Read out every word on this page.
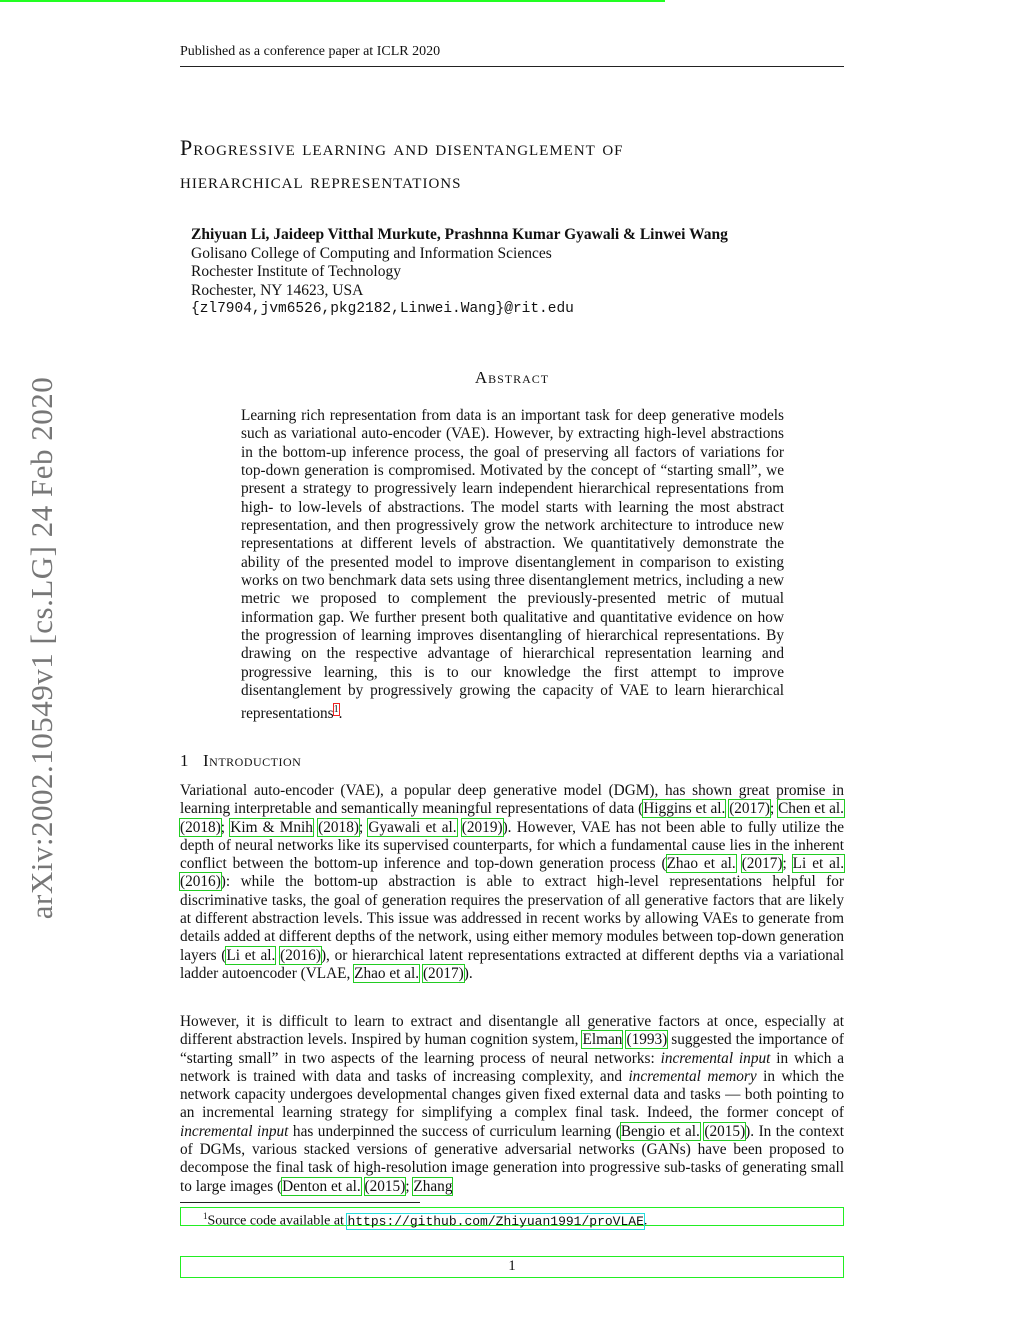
Published as a conference paper at ICLR 2020
arXiv:2002.10549v1 [cs.LG] 24 Feb 2020
Progressive learning and disentanglement of
hierarchical representations
Zhiyuan Li, Jaideep Vitthal Murkute, Prashnna Kumar Gyawali & Linwei Wang
Golisano College of Computing and Information Sciences
Rochester Institute of Technology
Rochester, NY 14623, USA
{zl7904,jvm6526,pkg2182,Linwei.Wang}@rit.edu
Abstract

Learning rich representation from data is an important task for deep generative models such as variational auto-encoder (VAE). However, by extracting high-level abstractions in the bottom-up inference process, the goal of preserving all factors of variations for top-down generation is compromised. Motivated by the concept of “starting small”, we present a strategy to progressively learn independent hierarchical representations from high- to low-levels of abstractions. The model starts with learning the most abstract representation, and then progressively grow the network architecture to introduce new representations at different levels of abstraction. We quantitatively demonstrate the ability of the presented model to improve disentanglement in comparison to existing works on two benchmark data sets using three disentanglement metrics, including a new metric we proposed to complement the previously-presented metric of mutual information gap. We further present both qualitative and quantitative evidence on how the progression of learning improves disentangling of hierarchical representations. By drawing on the respective advantage of hierarchical representation learning and progressive learning, this is to our knowledge the first attempt to improve disentanglement by progressively growing the capacity of VAE to learn hierarchical representations$^1$.

1 Introduction

Variational auto-encoder (VAE), a popular deep generative model (DGM), has shown great promise in learning interpretable and semantically meaningful representations of data (Higgins et al. (2017); Chen et al. (2018); Kim & Mnih (2018); Gyawali et al. (2019)). However, VAE has not been able to fully utilize the depth of neural networks like its supervised counterparts, for which a fundamental cause lies in the inherent conflict between the bottom-up inference and top-down generation process (Zhao et al. (2017); Li et al. (2016)): while the bottom-up abstraction is able to extract high-level representations helpful for discriminative tasks, the goal of generation requires the preservation of all generative factors that are likely at different abstraction levels. This issue was addressed in recent works by allowing VAEs to generate from details added at different depths of the network, using either memory modules between top-down generation layers (Li et al. (2016)), or hierarchical latent representations extracted at different depths via a variational ladder autoencoder (VLAE, Zhao et al. (2017)).

However, it is difficult to learn to extract and disentangle all generative factors at once, especially at different abstraction levels. Inspired by human cognition system, Elman (1993) suggested the importance of “starting small” in two aspects of the learning process of neural networks: incremental input in which a network is trained with data and tasks of increasing complexity, and incremental memory in which the network capacity undergoes developmental changes given fixed external data and tasks — both pointing to an incremental learning strategy for simplifying a complex final task. Indeed, the former concept of incremental input has underpinned the success of curriculum learning (Bengio et al. (2015)). In the context of DGMs, various stacked versions of generative adversarial networks (GANs) have been proposed to decompose the final task of high-resolution image generation into progressive sub-tasks of generating small to large images (Denton et al. (2015); Zhang

$^1$Source code available at https://github.com/Zhiyuan1991/proVLAE.
1
